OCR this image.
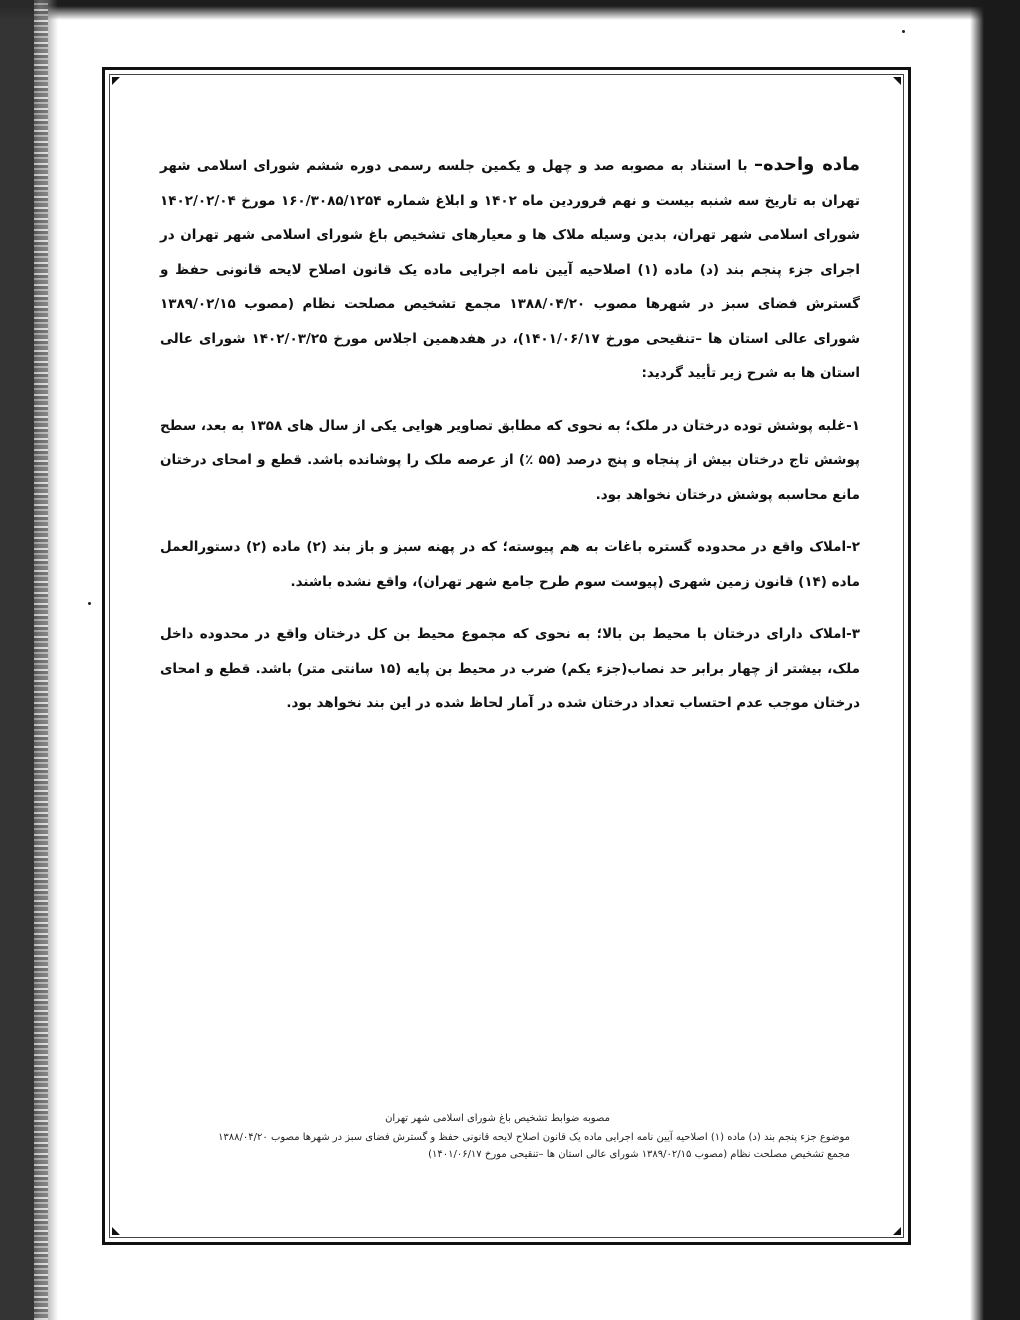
ماده واحده– با استناد به مصوبه صد و چهل و یکمین جلسه رسمی دوره ششم شورای اسلامی شهر تهران به تاریخ سه شنبه بیست و نهم فروردین ماه ۱۴۰۲ و ابلاغ شماره ۱۶۰/۳۰۸۵/۱۲۵۴ مورخ ۱۴۰۲/۰۲/۰۴ شورای اسلامی شهر تهران، بدین وسیله ملاک ها و معیارهای تشخیص باغ شورای اسلامی شهر تهران در اجرای جزء پنجم بند (د) ماده (۱) اصلاحیه آیین نامه اجرایی ماده یک قانون اصلاح لایحه قانونی حفظ و گسترش فضای سبز در شهرها مصوب ۱۳۸۸/۰۴/۲۰ مجمع تشخیص مصلحت نظام (مصوب ۱۳۸۹/۰۲/۱۵ شورای عالی استان ها –تنقیحی مورخ ۱۴۰۱/۰۶/۱۷)، در هفدهمین اجلاس مورخ ۱۴۰۲/۰۳/۲۵ شورای عالی استان ها به شرح زیر تأیید گردید:

۱-غلبه پوشش توده درختان در ملک؛ به نحوی که مطابق تصاویر هوایی یکی از سال های ۱۳۵۸ به بعد، سطح پوشش تاج درختان بیش از پنجاه و پنج درصد (۵۵ ٪) از عرصه ملک را پوشانده باشد. قطع و امحای درختان مانع محاسبه پوشش درختان نخواهد بود.

۲-املاک واقع در محدوده گستره باغات به هم پیوسته؛ که در پهنه سبز و باز بند (۲) ماده (۲) دستورالعمل ماده (۱۴) قانون زمین شهری (پیوست سوم طرح جامع شهر تهران)، واقع نشده باشند.

۳-املاک دارای درختان با محیط بن بالا؛ به نحوی که مجموع محیط بن کل درختان واقع در محدوده داخل ملک، بیشتر از چهار برابر حد نصاب(جزء یکم) ضرب در محیط بن پایه (۱۵ سانتی متر) باشد. قطع و امحای درختان موجب عدم احتساب تعداد درختان شده در آمار لحاظ شده در این بند نخواهد بود.

مصوبه ضوابط تشخیص باغ شورای اسلامی شهر تهران
موضوع جزء پنجم بند (د) ماده (۱) اصلاحیه آیین نامه اجرایی ماده یک قانون اصلاح لایحه قانونی حفظ و گسترش فضای سبز در شهرها مصوب ۱۳۸۸/۰۴/۲۰ مجمع تشخیص مصلحت نظام (مصوب ۱۳۸۹/۰۲/۱۵ شورای عالی استان ها –تنقیحی مورخ ۱۴۰۱/۰۶/۱۷)
